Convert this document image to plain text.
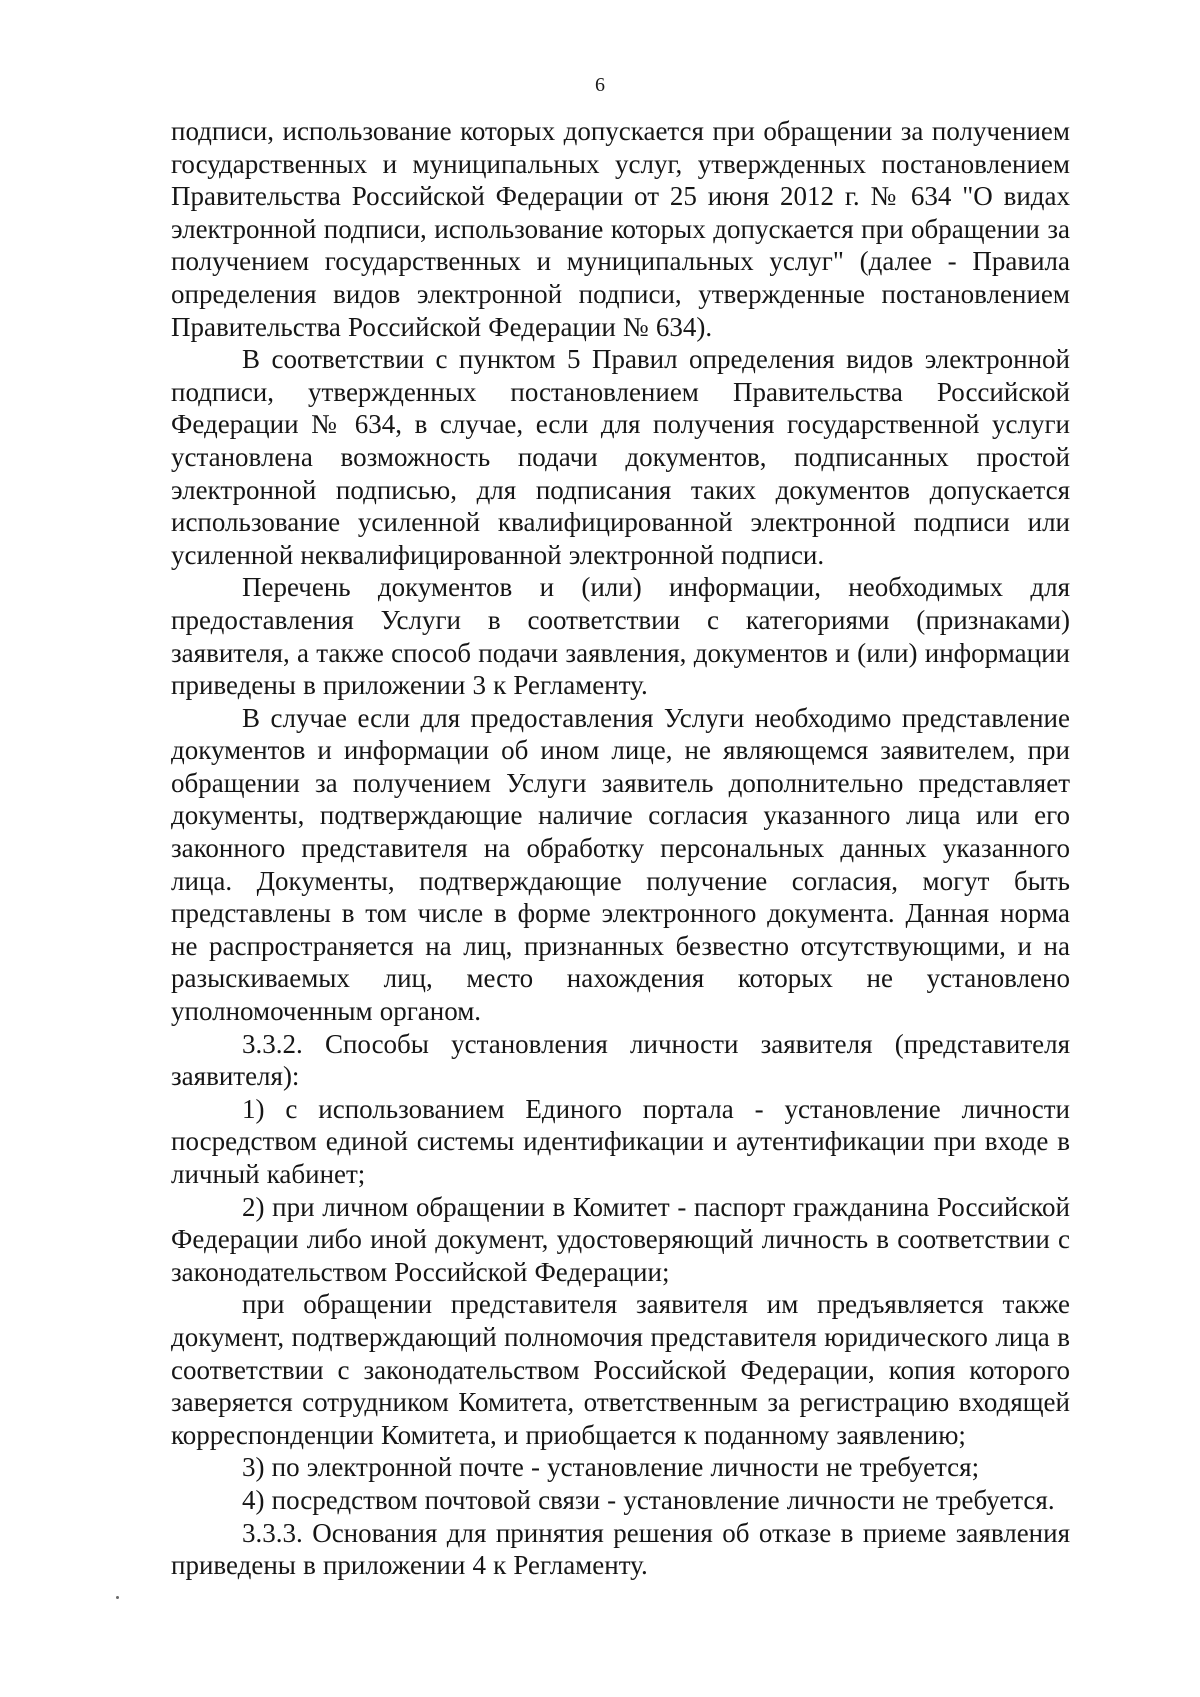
6

подписи, использование которых допускается при обращении за получением государственных и муниципальных услуг, утвержденных постановлением Правительства Российской Федерации от 25 июня 2012 г. № 634 "О видах электронной подписи, использование которых допускается при обращении за получением государственных и муниципальных услуг" (далее - Правила определения видов электронной подписи, утвержденные постановлением Правительства Российской Федерации № 634).

В соответствии с пунктом 5 Правил определения видов электронной подписи, утвержденных постановлением Правительства Российской Федерации № 634, в случае, если для получения государственной услуги установлена возможность подачи документов, подписанных простой электронной подписью, для подписания таких документов допускается использование усиленной квалифицированной электронной подписи или усиленной неквалифицированной электронной подписи.

Перечень документов и (или) информации, необходимых для предоставления Услуги в соответствии с категориями (признаками) заявителя, а также способ подачи заявления, документов и (или) информации приведены в приложении 3 к Регламенту.

В случае если для предоставления Услуги необходимо представление документов и информации об ином лице, не являющемся заявителем, при обращении за получением Услуги заявитель дополнительно представляет документы, подтверждающие наличие согласия указанного лица или его законного представителя на обработку персональных данных указанного лица. Документы, подтверждающие получение согласия, могут быть представлены в том числе в форме электронного документа. Данная норма не распространяется на лиц, признанных безвестно отсутствующими, и на разыскиваемых лиц, место нахождения которых не установлено уполномоченным органом.

3.3.2. Способы установления личности заявителя (представителя заявителя):

1) с использованием Единого портала - установление личности посредством единой системы идентификации и аутентификации при входе в личный кабинет;

2) при личном обращении в Комитет - паспорт гражданина Российской Федерации либо иной документ, удостоверяющий личность в соответствии с законодательством Российской Федерации;

при обращении представителя заявителя им предъявляется также документ, подтверждающий полномочия представителя юридического лица в соответствии с законодательством Российской Федерации, копия которого заверяется сотрудником Комитета, ответственным за регистрацию входящей корреспонденции Комитета, и приобщается к поданному заявлению;

3) по электронной почте - установление личности не требуется;

4) посредством почтовой связи - установление личности не требуется.

3.3.3. Основания для принятия решения об отказе в приеме заявления приведены в приложении 4 к Регламенту.
